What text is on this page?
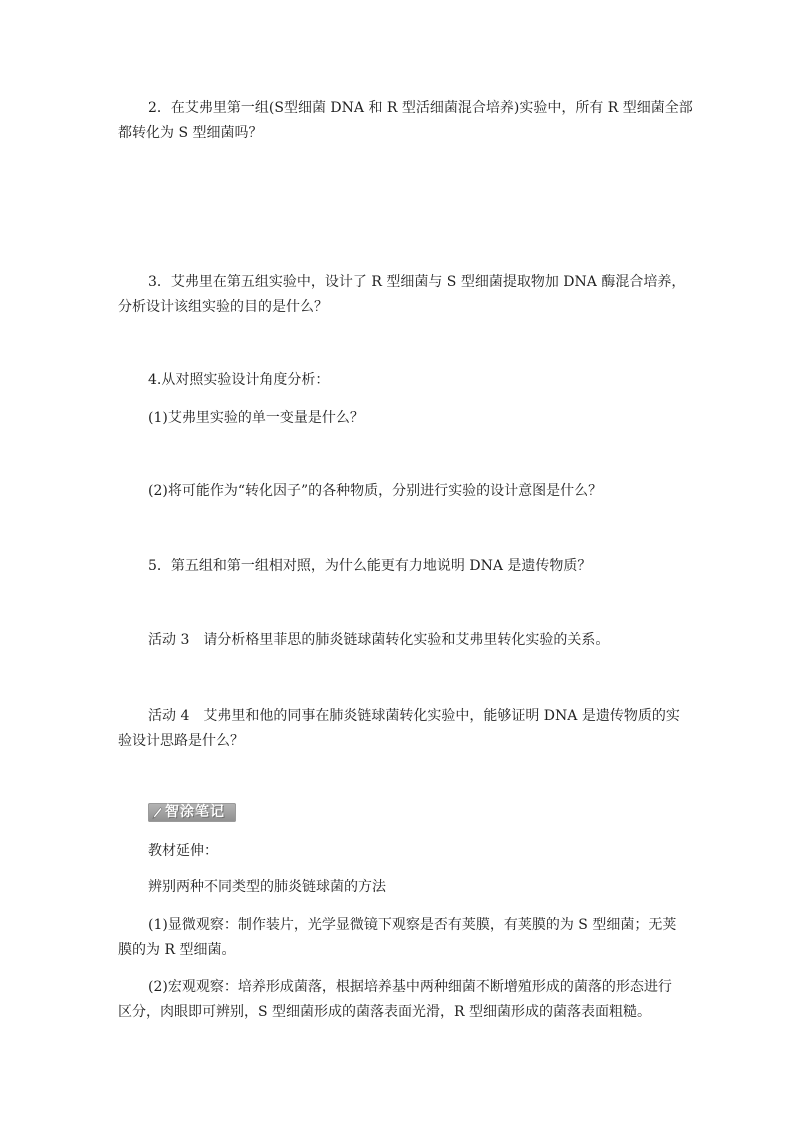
2．在艾弗里第一组(S型细菌 DNA 和 R 型活细菌混合培养)实验中，所有 R 型细菌全部
都转化为 S 型细菌吗？
3．艾弗里在第五组实验中，设计了 R 型细菌与 S 型细菌提取物加 DNA 酶混合培养，
分析设计该组实验的目的是什么？
4.从对照实验设计角度分析：
(1)艾弗里实验的单一变量是什么？
(2)将可能作为“转化因子”的各种物质，分别进行实验的设计意图是什么？
5．第五组和第一组相对照，为什么能更有力地说明 DNA 是遗传物质？
活动 3　请分析格里菲思的肺炎链球菌转化实验和艾弗里转化实验的关系。
活动 4　艾弗里和他的同事在肺炎链球菌转化实验中，能够证明 DNA 是遗传物质的实
验设计思路是什么？
智涂笔记
教材延伸：
辨别两种不同类型的肺炎链球菌的方法
(1)显微观察：制作装片，光学显微镜下观察是否有荚膜，有荚膜的为 S 型细菌；无荚
膜的为 R 型细菌。
(2)宏观观察：培养形成菌落，根据培养基中两种细菌不断增殖形成的菌落的形态进行
区分，肉眼即可辨别，S 型细菌形成的菌落表面光滑，R 型细菌形成的菌落表面粗糙。
